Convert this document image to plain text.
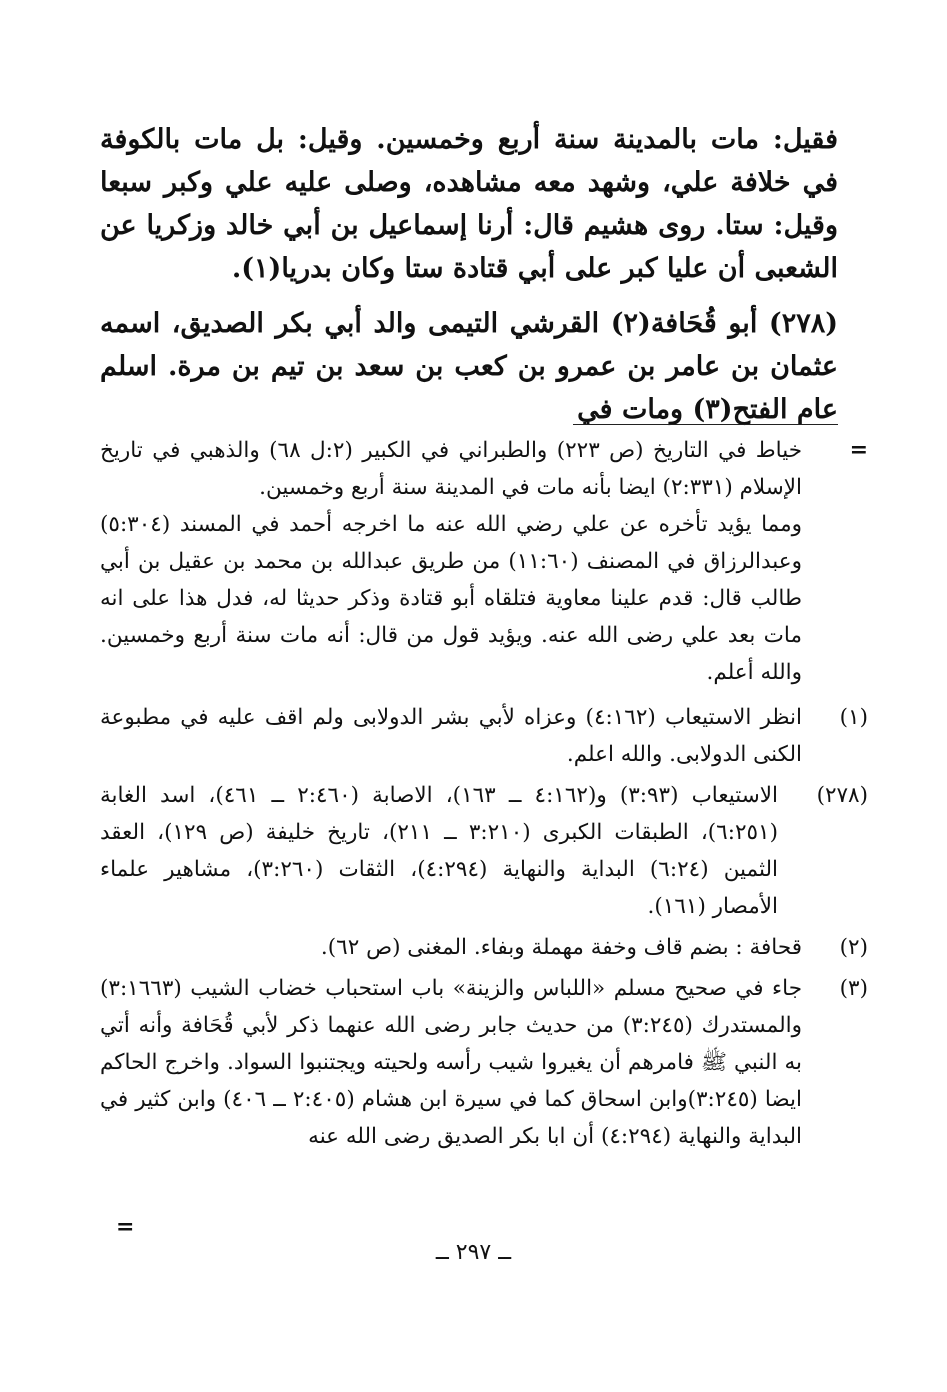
فقيل: مات بالمدينة سنة أربع وخمسين. وقيل: بل مات بالكوفة في خلافة علي، وشهد معه مشاهده، وصلى عليه علي وكبر سبعا وقيل: ستا. روى هشيم قال: أرنا إسماعيل بن أبي خالد وزكريا عن الشعبى أن عليا كبر على أبي قتادة ستا وكان بدريا(١).

(٢٧٨) أبو قُحَافة(٢) القرشي التيمى والد أبي بكر الصديق، اسمه عثمان بن عامر بن عمرو بن كعب بن سعد بن تيم بن مرة. اسلم عام الفتح(٣) ومات في

=

خياط في التاريخ (ص ٢٢٣) والطبراني في الكبير (٢:ل ٦٨) والذهبي في تاريخ الإسلام (٢:٣٣١) ايضا بأنه مات في المدينة سنة أربع وخمسين.

ومما يؤيد تأخره عن علي رضي الله عنه ما اخرجه أحمد في المسند (٥:٣٠٤) وعبدالرزاق في المصنف (١١:٦٠) من طريق عبدالله بن محمد بن عقيل بن أبي طالب قال: قدم علينا معاوية فتلقاه أبو قتادة وذكر حديثا له، فدل هذا على انه مات بعد علي رضى الله عنه. ويؤيد قول من قال: أنه مات سنة أربع وخمسين. والله أعلم.

(١)
انظر الاستيعاب (٤:١٦٢) وعزاه لأبي بشر الدولابى ولم اقف عليه في مطبوعة الكنى الدولابى. والله اعلم.
(٢٧٨)
الاستيعاب (٣:٩٣) و(٤:١٦٢ ــ ١٦٣)، الاصابة (٢:٤٦٠ ــ ٤٦١)، اسد الغابة (٦:٢٥١)، الطبقات الكبرى (٣:٢١٠ ــ ٢١١)، تاريخ خليفة (ص ١٢٩)، العقد الثمين (٦:٢٤) البداية والنهاية (٤:٢٩٤)، الثقات (٣:٢٦٠)، مشاهير علماء الأمصار (١٦١).
(٢)
قحافة : بضم قاف وخفة مهملة وبفاء. المغنى (ص ٦٢).
(٣)
جاء في صحيح مسلم «اللباس والزينة» باب استحباب خضاب الشيب (٣:١٦٦٣) والمستدرك (٣:٢٤٥) من حديث جابر رضى الله عنهما ذكر لأبي قُحَافة وأنه أتي به النبي ﷺ فامرهم أن يغيروا شيب رأسه ولحيته ويجتنبوا السواد. واخرج الحاكم ايضا (٣:٢٤٥)وابن اسحاق كما في سيرة ابن هشام (٢:٤٠٥ ــ ٤٠٦) وابن كثير في البداية والنهاية (٤:٢٩٤) أن ابا بكر الصديق رضى الله عنه
=
ــ ٢٩٧ ــ
